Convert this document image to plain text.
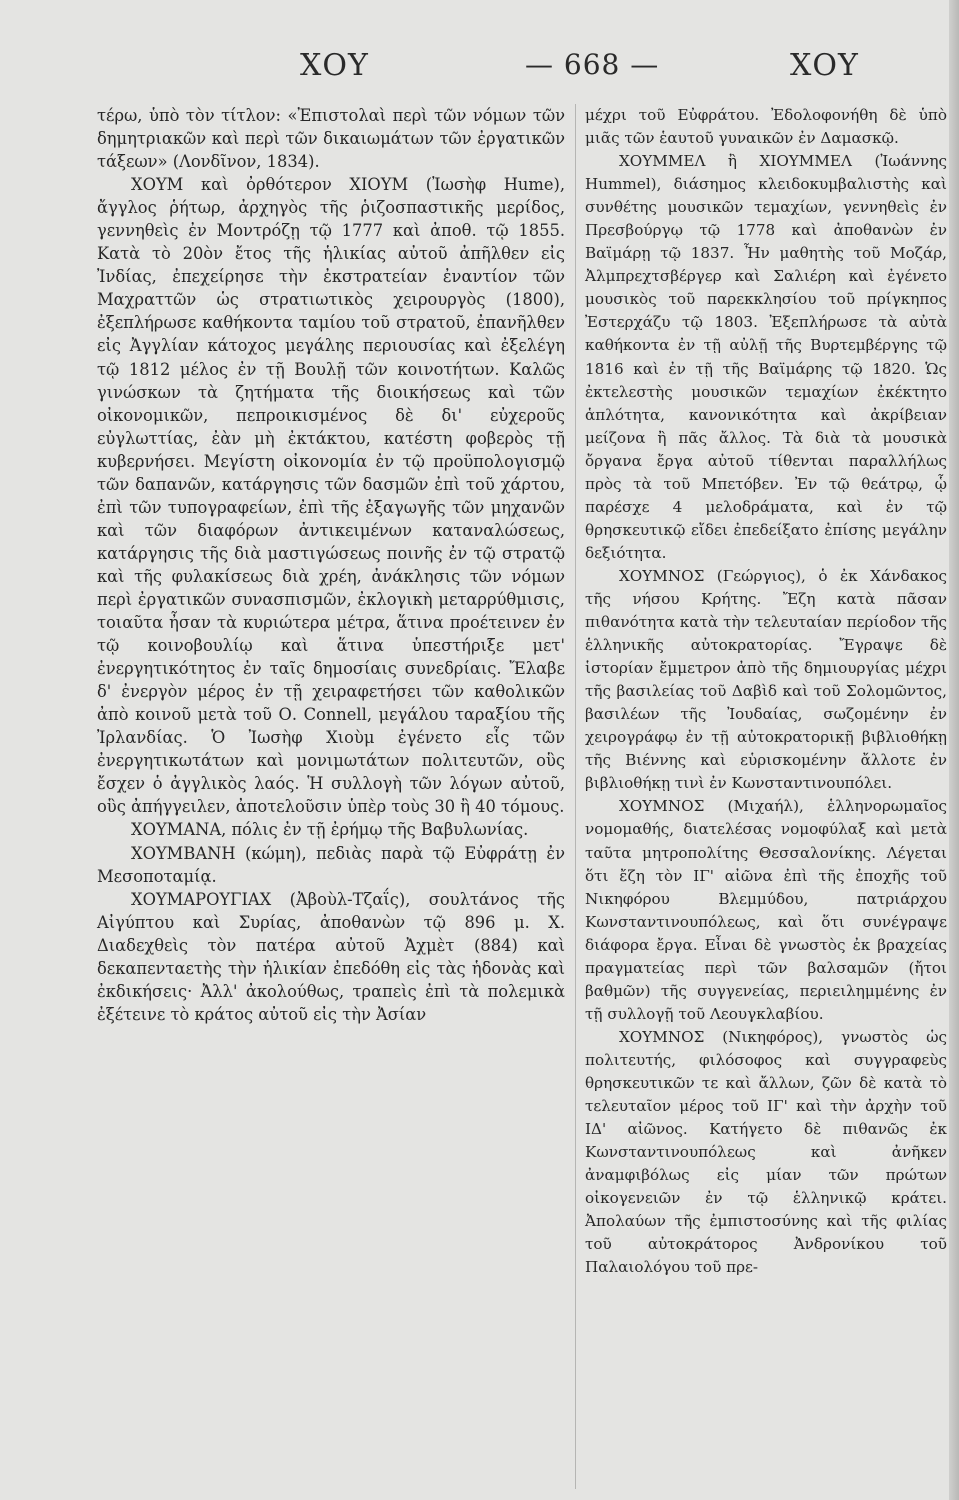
ΧΟΥ	— 668 —	ΧΟΥ

τέρω, ὑπὸ τὸν τίτλον: «Ἐπιστολαὶ περὶ τῶν νόμων τῶν δημητριακῶν καὶ περὶ τῶν δικαιωμάτων τῶν ἐργατικῶν τάξεων» (Λονδῖνον, 1834).

ΧΟΥΜ καὶ ὀρθότερον ΧΙΟΥΜ (Ἰωσὴφ Hume), ἄγγλος ῥήτωρ, ἀρχηγὸς τῆς ῥιζοσπαστικῆς μερίδος, γεννηθεὶς ἐν Μοντρόζῃ τῷ 1777 καὶ ἀποθ. τῷ 1855. Κατὰ τὸ 20ὸν ἔτος τῆς ἡλικίας αὐτοῦ ἀπῆλθεν εἰς Ἰνδίας, ἐπεχείρησε τὴν ἐκστρατείαν ἐναντίον τῶν Μαχραττῶν ὡς στρατιωτικὸς χειρουργὸς (1800), ἐξεπλήρωσε καθήκοντα ταμίου τοῦ στρατοῦ, ἐπανῆλθεν εἰς Ἀγγλίαν κάτοχος μεγάλης περιουσίας καὶ ἐξελέγη τῷ 1812 μέλος ἐν τῇ Βουλῇ τῶν κοινοτήτων. Καλῶς γινώσκων τὰ ζητήματα τῆς διοικήσεως καὶ τῶν οἰκονομικῶν, πεπροικισμένος δὲ δι' εὐχεροῦς εὐγλωττίας, ἐὰν μὴ ἐκτάκτου, κατέστη φοβερὸς τῇ κυβερνήσει. Μεγίστη οἰκονομία ἐν τῷ προϋπολογισμῷ τῶν δαπανῶν, κατάργησις τῶν δασμῶν ἐπὶ τοῦ χάρτου, ἐπὶ τῶν τυπογραφείων, ἐπὶ τῆς ἐξαγωγῆς τῶν μηχανῶν καὶ τῶν διαφόρων ἀντικειμένων καταναλώσεως, κατάργησις τῆς διὰ μαστιγώσεως ποινῆς ἐν τῷ στρατῷ καὶ τῆς φυλακίσεως διὰ χρέη, ἀνάκλησις τῶν νόμων περὶ ἐργατικῶν συνασπισμῶν, ἐκλογικὴ μεταρρύθμισις, τοιαῦτα ἦσαν τὰ κυριώτερα μέτρα, ἅτινα προέτεινεν ἐν τῷ κοινοβουλίῳ καὶ ἅτινα ὑπεστήριξε μετ' ἐνεργητικότητος ἐν ταῖς δημοσίαις συνεδρίαις. Ἔλαβε δ' ἐνεργὸν μέρος ἐν τῇ χειραφετήσει τῶν καθολικῶν ἀπὸ κοινοῦ μετὰ τοῦ Ο. Connell, μεγάλου ταραξίου τῆς Ἰρλανδίας. Ὁ Ἰωσὴφ Χιοὺμ ἐγένετο εἷς τῶν ἐνεργητικωτάτων καὶ μονιμωτάτων πολιτευτῶν, οὓς ἔσχεν ὁ ἀγγλικὸς λαός. Ἡ συλλογὴ τῶν λόγων αὐτοῦ, οὓς ἀπήγγειλεν, ἀποτελοῦσιν ὑπὲρ τοὺς 30 ἢ 40 τόμους.

ΧΟΥΜΑΝΑ, πόλις ἐν τῇ ἐρήμῳ τῆς Βαβυλωνίας.

ΧΟΥΜΒΑΝΗ (κώμη), πεδιὰς παρὰ τῷ Εὐφράτῃ ἐν Μεσοποταμίᾳ.

ΧΟΥΜΑΡΟΥΓΙΑΧ (Ἀβοὺλ-Τζαΐς), σουλτάνος τῆς Αἰγύπτου καὶ Συρίας, ἀποθανὼν τῷ 896 μ. Χ. Διαδεχθεὶς τὸν πατέρα αὐτοῦ Ἀχμὲτ (884) καὶ δεκαπενταετὴς τὴν ἡλικίαν ἐπεδόθη εἰς τὰς ἡδονὰς καὶ ἐκδικήσεις· Ἀλλ' ἀκολούθως, τραπεὶς ἐπὶ τὰ πολεμικὰ ἐξέτεινε τὸ κράτος αὐτοῦ εἰς τὴν Ἀσίαν

μέχρι τοῦ Εὐφράτου. Ἐδολοφονήθη δὲ ὑπὸ μιᾶς τῶν ἑαυτοῦ γυναικῶν ἐν Δαμασκῷ.

ΧΟΥΜΜΕΛ ἢ ΧΙΟΥΜΜΕΛ (Ἰωάννης Hummel), διάσημος κλειδοκυμβαλιστὴς καὶ συνθέτης μουσικῶν τεμαχίων, γεννηθεὶς ἐν Πρεσβούργῳ τῷ 1778 καὶ ἀποθανὼν ἐν Βαϊμάρῃ τῷ 1837. Ἦν μαθητὴς τοῦ Μοζάρ, Ἀλμπρεχτσβέργερ καὶ Σαλιέρη καὶ ἐγένετο μουσικὸς τοῦ παρεκκλησίου τοῦ πρίγκηπος Ἐστερχάζυ τῷ 1803. Ἐξεπλήρωσε τὰ αὐτὰ καθήκοντα ἐν τῇ αὐλῇ τῆς Βυρτεμβέργης τῷ 1816 καὶ ἐν τῇ τῆς Βαϊμάρης τῷ 1820. Ὡς ἐκτελεστὴς μουσικῶν τεμαχίων ἐκέκτητο ἁπλότητα, κανονικότητα καὶ ἀκρίβειαν μείζονα ἢ πᾶς ἄλλος. Τὰ διὰ τὰ μουσικὰ ὄργανα ἔργα αὐτοῦ τίθενται παραλλήλως πρὸς τὰ τοῦ Μπετόβεν. Ἐν τῷ θεάτρῳ, ᾧ παρέσχε 4 μελοδράματα, καὶ ἐν τῷ θρησκευτικῷ εἴδει ἐπεδείξατο ἐπίσης μεγάλην δεξιότητα.

ΧΟΥΜΝΟΣ (Γεώργιος), ὁ ἐκ Χάνδακος τῆς νήσου Κρήτης. Ἔζη κατὰ πᾶσαν πιθανότητα κατὰ τὴν τελευταίαν περίοδον τῆς ἑλληνικῆς αὐτοκρατορίας. Ἔγραψε δὲ ἱστορίαν ἔμμετρον ἀπὸ τῆς δημιουργίας μέχρι τῆς βασιλείας τοῦ Δαβὶδ καὶ τοῦ Σολομῶντος, βασιλέων τῆς Ἰουδαίας, σωζομένην ἐν χειρογράφῳ ἐν τῇ αὐτοκρατορικῇ βιβλιοθήκῃ τῆς Βιέννης καὶ εὑρισκομένην ἄλλοτε ἐν βιβλιοθήκῃ τινὶ ἐν Κωνσταντινουπόλει.

ΧΟΥΜΝΟΣ (Μιχαήλ), ἑλληνορωμαῖος νομομαθής, διατελέσας νομοφύλαξ καὶ μετὰ ταῦτα μητροπολίτης Θεσσαλονίκης. Λέγεται ὅτι ἔζη τὸν ΙΓ' αἰῶνα ἐπὶ τῆς ἐποχῆς τοῦ Νικηφόρου Βλεμμύδου, πατριάρχου Κωνσταντινουπόλεως, καὶ ὅτι συνέγραψε διάφορα ἔργα. Εἶναι δὲ γνωστὸς ἐκ βραχείας πραγματείας περὶ τῶν βαλσαμῶν (ἤτοι βαθμῶν) τῆς συγγενείας, περιειλημμένης ἐν τῇ συλλογῇ τοῦ Λεουγκλαβίου.

ΧΟΥΜΝΟΣ (Νικηφόρος), γνωστὸς ὡς πολιτευτής, φιλόσοφος καὶ συγγραφεὺς θρησκευτικῶν τε καὶ ἄλλων, ζῶν δὲ κατὰ τὸ τελευταῖον μέρος τοῦ ΙΓ' καὶ τὴν ἀρχὴν τοῦ ΙΔ' αἰῶνος. Κατήγετο δὲ πιθανῶς ἐκ Κωνσταντινουπόλεως καὶ ἀνῆκεν ἀναμφιβόλως εἰς μίαν τῶν πρώτων οἰκογενειῶν ἐν τῷ ἑλληνικῷ κράτει. Ἀπολαύων τῆς ἐμπιστοσύνης καὶ τῆς φιλίας τοῦ αὐτοκράτορος Ἀνδρονίκου τοῦ Παλαιολόγου τοῦ πρε-
